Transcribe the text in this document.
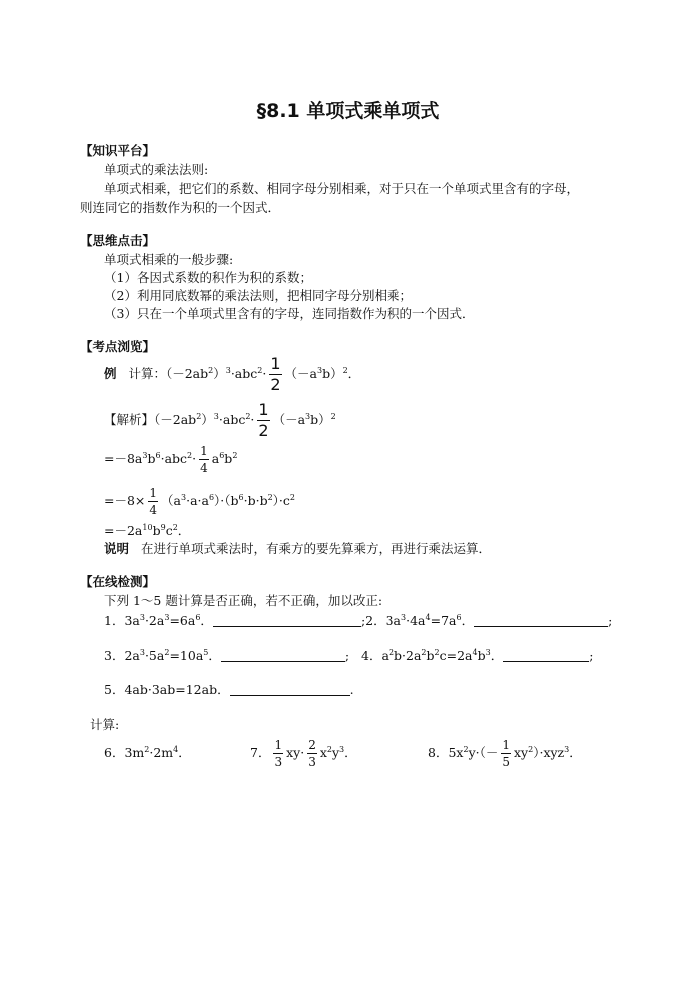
§8.1 单项式乘单项式
【知识平台】
单项式的乘法法则:
单项式相乘，把它们的系数、相同字母分别相乘，对于只在一个单项式里含有的字母，
则连同它的指数作为积的一个因式．
【思维点击】
单项式相乘的一般步骤:
（1）各因式系数的积作为积的系数；
（2）利用同底数幂的乘法法则，把相同字母分别相乘；
（3）只在一个单项式里含有的字母，连同指数作为积的一个因式．
【考点浏览】
例 计算：$(-2ab^2)^3\cdot abc^2\cdot \frac{1}{2} (-a^3b)^2$．
【解析】$(-2ab^2)^3\cdot abc^2\cdot \frac{1}{2} (-a^3b)^2$
$=-8a^3b^6\cdot abc^2\cdot \frac{1}{4} a^6b^2$
$=-8\times \frac{1}{4} (a^3\cdot a\cdot a^6)\cdot(b^6\cdot b\cdot b^2)\cdot c^2$
$=-2a^{10}b^9c^2$．
说明 在进行单项式乘法时，有乘方的要先算乘方，再进行乘法运算．
【在线检测】
下列 1～5 题计算是否正确，若不正确，加以改正:
1．$3a^3\cdot 2a^3=6a^6$．	;2．$3a^3\cdot 4a^4=7a^6$．	;
3．$2a^3\cdot 5a^2=10a^5$．	;   4．$a^2b\cdot 2a^2b^2c=2a^4b^3$．	;
5．4ab·3ab=12ab．	.
计算:
6．$3m^2\cdot 2m^4$．	7． $\frac{1}{3} xy\cdot \frac{2}{3} x^2y^3$．	8．$5x^2y\cdot(- \frac{1}{5} xy^2)\cdot xyz^3$．
